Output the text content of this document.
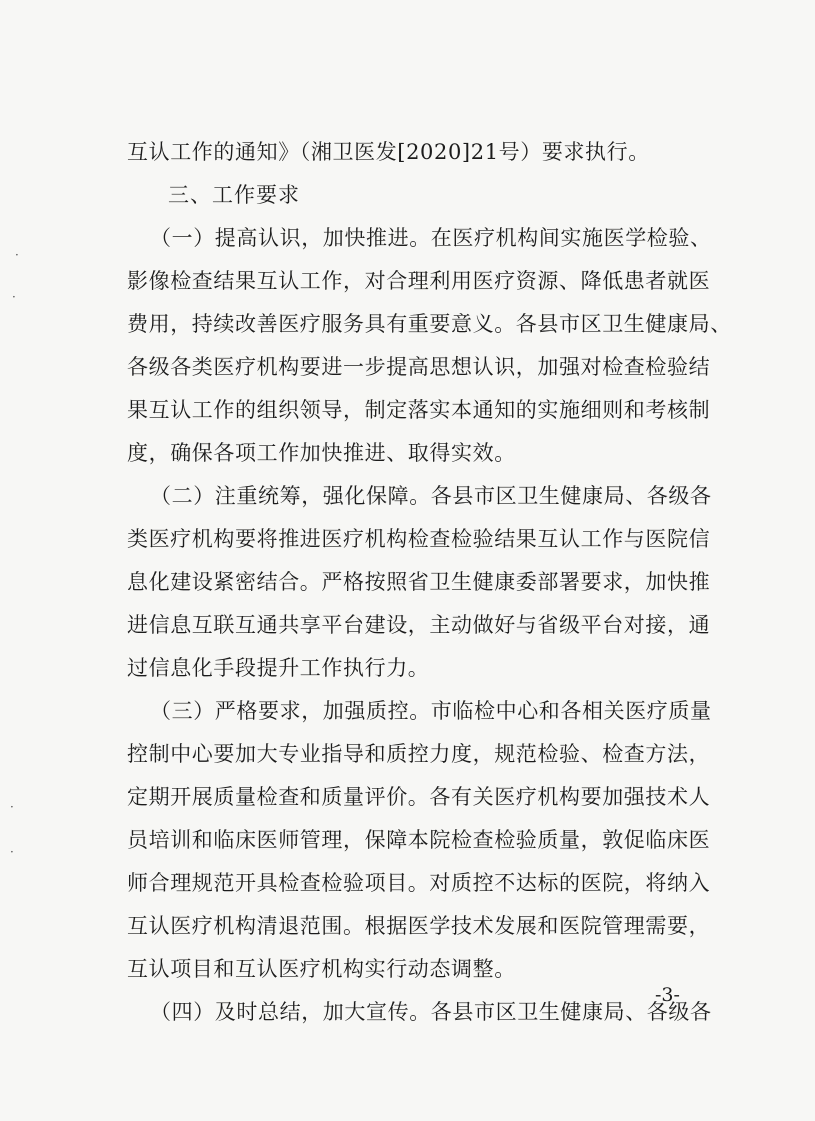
互认工作的通知》（湘卫医发[2020]21号）要求执行。
三、工作要求
（一）提高认识，加快推进。在医疗机构间实施医学检验、
影像检查结果互认工作，对合理利用医疗资源、降低患者就医
费用，持续改善医疗服务具有重要意义。各县市区卫生健康局、
各级各类医疗机构要进一步提高思想认识，加强对检查检验结
果互认工作的组织领导，制定落实本通知的实施细则和考核制
度，确保各项工作加快推进、取得实效。
（二）注重统筹，强化保障。各县市区卫生健康局、各级各
类医疗机构要将推进医疗机构检查检验结果互认工作与医院信
息化建设紧密结合。严格按照省卫生健康委部署要求，加快推
进信息互联互通共享平台建设，主动做好与省级平台对接，通
过信息化手段提升工作执行力。
（三）严格要求，加强质控。市临检中心和各相关医疗质量
控制中心要加大专业指导和质控力度，规范检验、检查方法，
定期开展质量检查和质量评价。各有关医疗机构要加强技术人
员培训和临床医师管理，保障本院检查检验质量，敦促临床医
师合理规范开具检查检验项目。对质控不达标的医院，将纳入
互认医疗机构清退范围。根据医学技术发展和医院管理需要，
互认项目和互认医疗机构实行动态调整。
（四）及时总结，加大宣传。各县市区卫生健康局、各级各
-3-
·
·
·
·
